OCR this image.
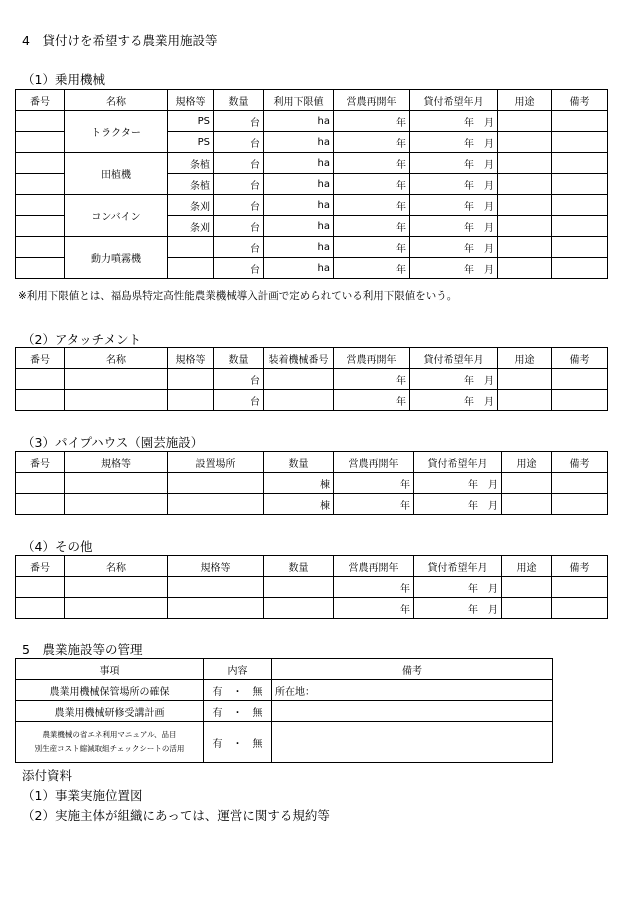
4　貸付けを希望する農業用施設等
（1）乗用機械
番号	名称	規格等	数量	利用下限値	営農再開年	貸付希望年月	用途	備考
	トラクター	PS	台	ha	年	年　月		
		PS	台	ha	年	年　月		
	田植機	条植	台	ha	年	年　月		
		条植	台	ha	年	年　月		
	コンバイン	条刈	台	ha	年	年　月		
		条刈	台	ha	年	年　月		
	動力噴霧機		台	ha	年	年　月		
			台	ha	年	年　月		
※利用下限値とは、福島県特定高性能農業機械導入計画で定められている利用下限値をいう。
（2）アタッチメント
番号	名称	規格等	数量	装着機械番号	営農再開年	貸付希望年月	用途	備考
			台		年	年　月		
			台		年	年　月		
（3）パイプハウス（園芸施設）
番号	規格等	設置場所	数量	営農再開年	貸付希望年月	用途	備考
			棟	年	年　月		
			棟	年	年　月		
（4）その他
番号	名称	規格等	数量	営農再開年	貸付希望年月	用途	備考
				年	年　月		
				年	年　月		
5　農業施設等の管理
事項	内容	備考
農業用機械保管場所の確保	有　・　無	所在地：
農業用機械研修受講計画	有　・　無	

農業機械の省エネ利用マニュアル、品目
別生産コスト縮減取組チェックシートの活用	有　・　無	
添付資料
（1）事業実施位置図
（2）実施主体が組織にあっては、運営に関する規約等
